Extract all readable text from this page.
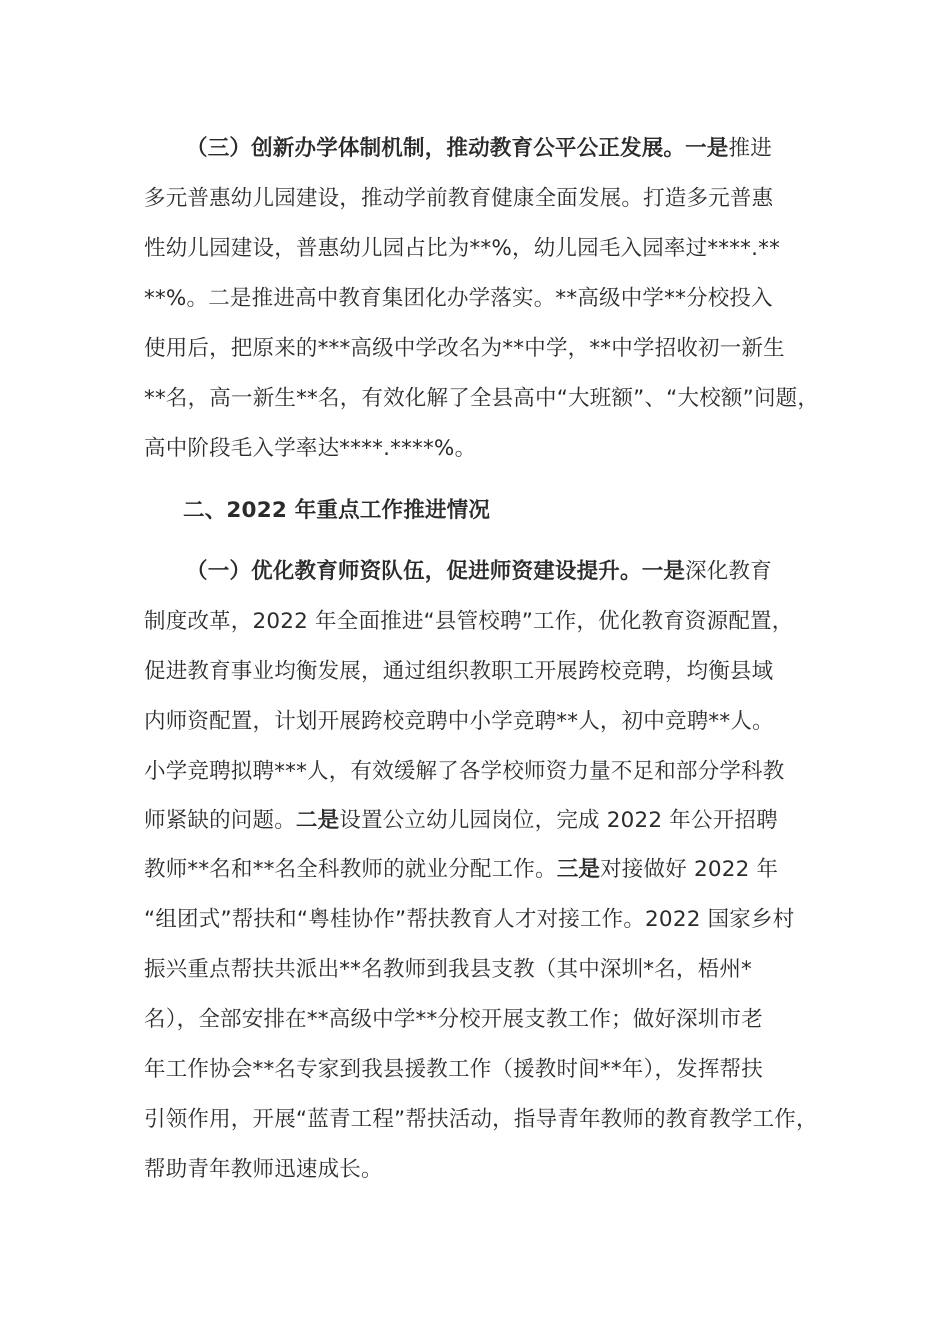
（三）创新办学体制机制，推动教育公平公正发展。一是推进
多元普惠幼儿园建设，推动学前教育健康全面发展。打造多元普惠
性幼儿园建设，普惠幼儿园占比为**%，幼儿园毛入园率过****.**
**%。二是推进高中教育集团化办学落实。**高级中学**分校投入
使用后，把原来的***高级中学改名为**中学，**中学招收初一新生
**名，高一新生**名，有效化解了全县高中“大班额”、“大校额”问题，
高中阶段毛入学率达****.****%。
二、2022 年重点工作推进情况
（一）优化教育师资队伍，促进师资建设提升。一是深化教育
制度改革，2022 年全面推进“县管校聘”工作，优化教育资源配置，
促进教育事业均衡发展，通过组织教职工开展跨校竞聘，均衡县域
内师资配置，计划开展跨校竞聘中小学竞聘**人，初中竞聘**人。
小学竞聘拟聘***人，有效缓解了各学校师资力量不足和部分学科教
师紧缺的问题。二是设置公立幼儿园岗位，完成 2022 年公开招聘
教师**名和**名全科教师的就业分配工作。三是对接做好 2022 年
“组团式”帮扶和“粤桂协作”帮扶教育人才对接工作。2022 国家乡村
振兴重点帮扶共派出**名教师到我县支教（其中深圳*名，梧州*
名），全部安排在**高级中学**分校开展支教工作；做好深圳市老
年工作协会**名专家到我县援教工作（援教时间**年），发挥帮扶
引领作用，开展“蓝青工程”帮扶活动，指导青年教师的教育教学工作，
帮助青年教师迅速成长。
